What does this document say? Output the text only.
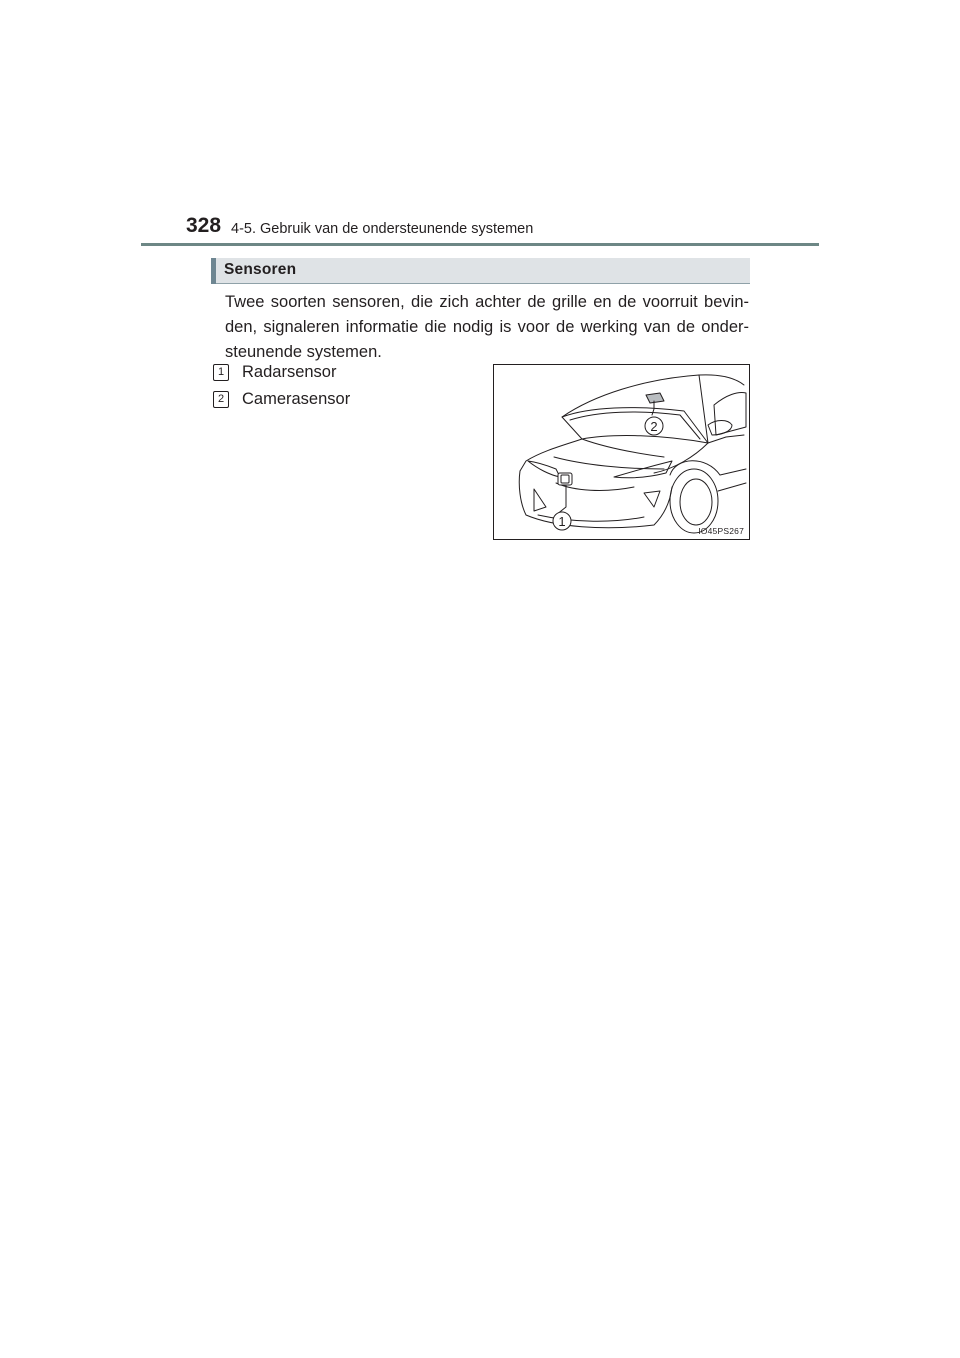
328 4-5. Gebruik van de ondersteunende systemen
Sensoren

Twee soorten sensoren, die zich achter de grille en de voorruit bevin-den, signaleren informatie die nodig is voor de werking van de onder-steunende systemen.

1 Radarsensor
2 Camerasensor
2
1
IO45PS267
